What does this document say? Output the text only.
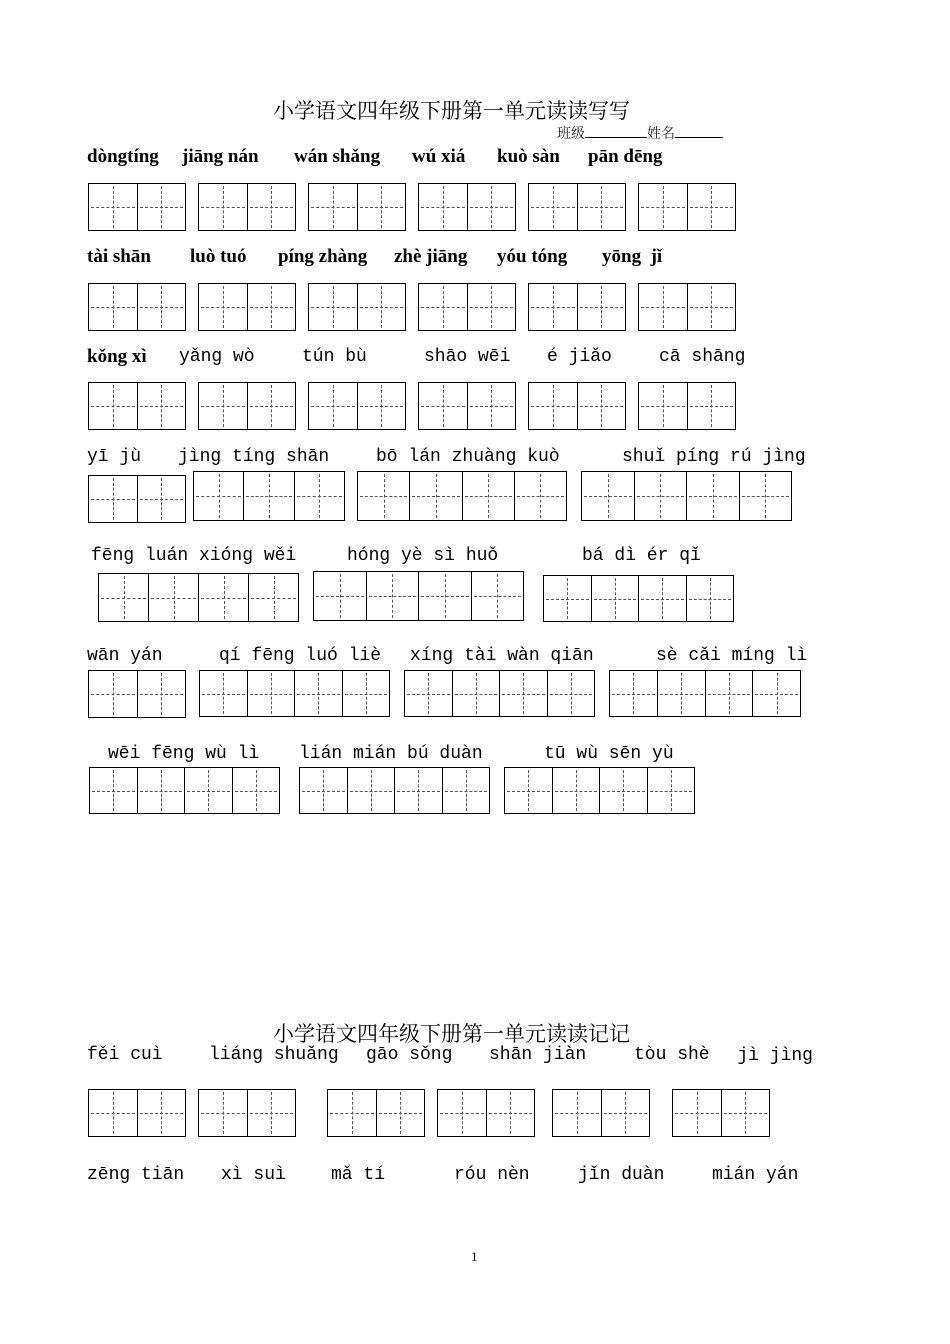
小学语文四年级下册第一单元读读写写
班级	姓名
dòngtíng jiāng nán wán shǎng wú xiá kuò sàn pān dēng
tài shān luò tuó píng zhàng zhè jiāng yóu tóng yōng  jǐ
kǒng xì yǎng wò	tún bù	shāo wēi é jiǎo	cā shāng
yī jù jìng tíng shān	bō lán zhuàng kuò	shuǐ píng rú jìng
fēng luán xióng wěi	hóng yè sì huǒ	bá dì ér qǐ
wān yán	qí fēng luó liè xíng tài wàn qiān	sè cǎi míng lì
wēi fēng wù lì lián mián bú duàn	tū wù sēn yù
小学语文四年级下册第一单元读读记记
fěi cuì	liáng shuǎng gāo sǒng shān jiàn	tòu shè	jì jìng
zēng tiān xì suì	mǎ tí	róu nèn	jǐn duàn	mián yán
1
